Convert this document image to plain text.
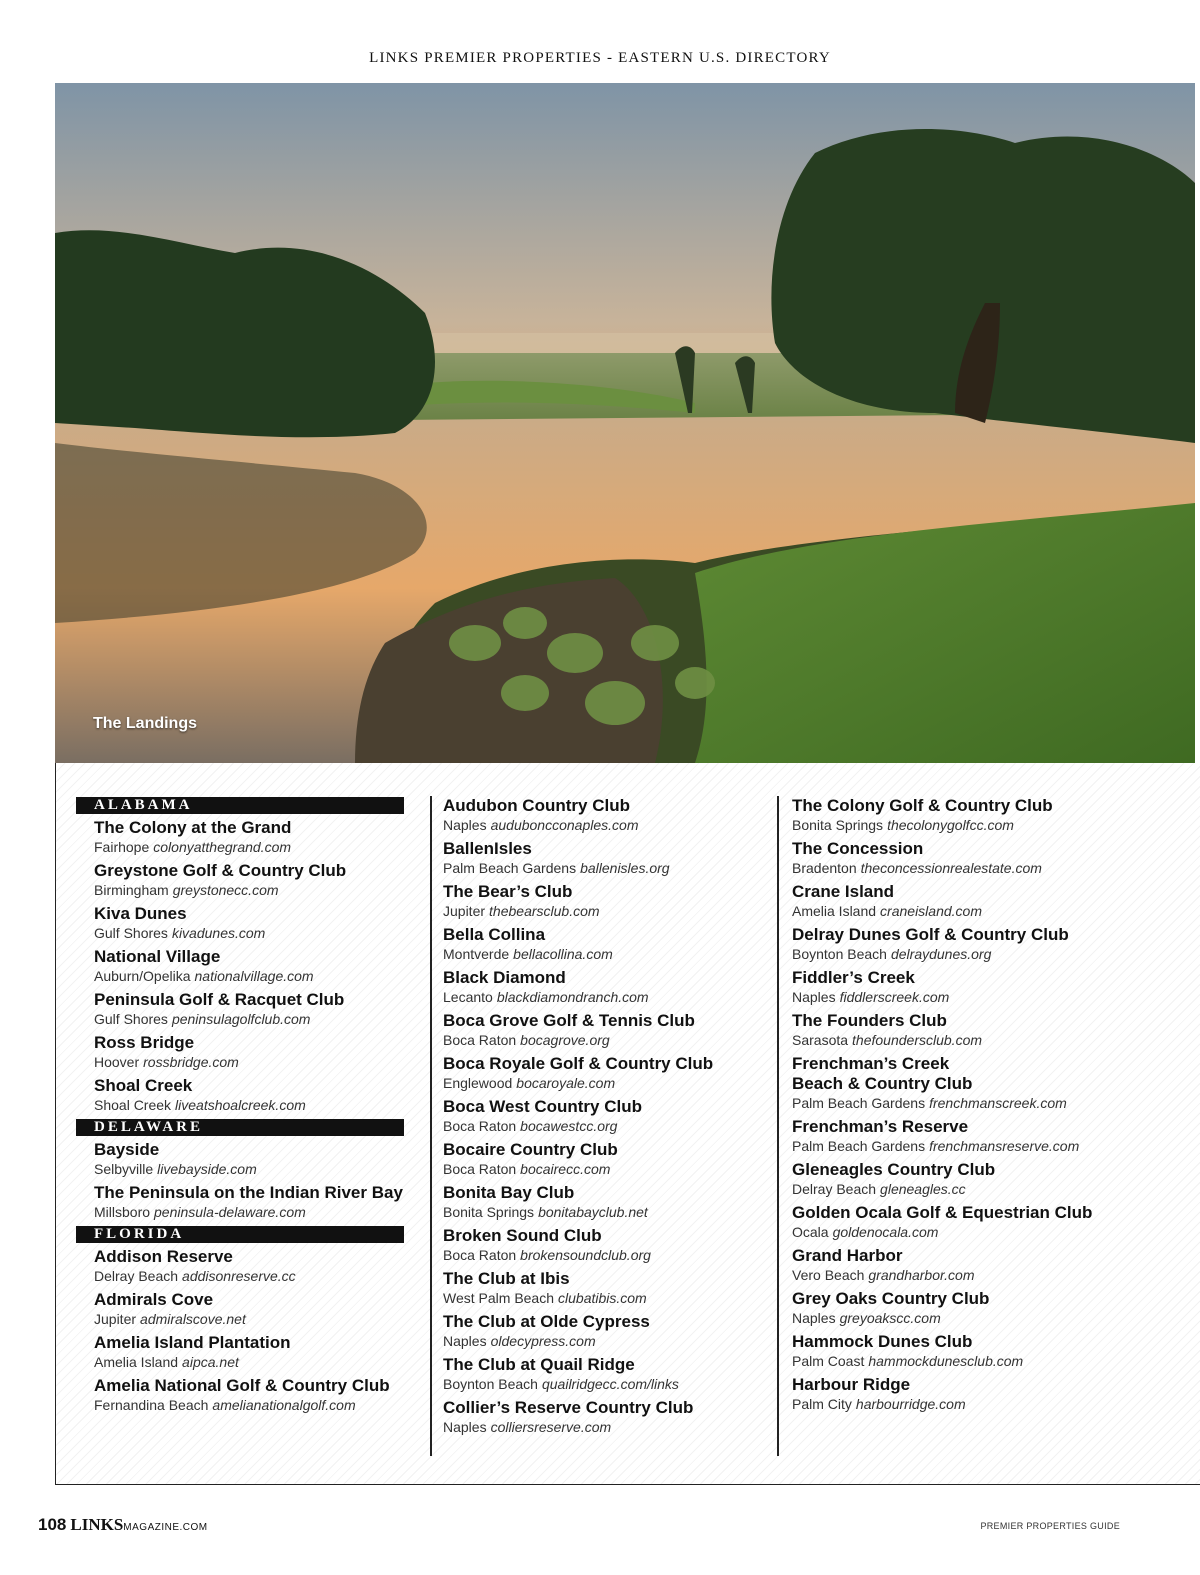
LINKS PREMIER PROPERTIES - EASTERN U.S. DIRECTORY
The Landings
ALABAMA
The Colony at the Grand
Fairhope colonyatthegrand.com
Greystone Golf & Country Club
Birmingham greystonecc.com
Kiva Dunes
Gulf Shores kivadunes.com
National Village
Auburn/Opelika nationalvillage.com
Peninsula Golf & Racquet Club
Gulf Shores peninsulagolfclub.com
Ross Bridge
Hoover rossbridge.com
Shoal Creek
Shoal Creek liveatshoalcreek.com
DELAWARE
Bayside
Selbyville livebayside.com
The Peninsula on the Indian River Bay
Millsboro peninsula-delaware.com
FLORIDA
Addison Reserve
Delray Beach addisonreserve.cc
Admirals Cove
Jupiter admiralscove.net
Amelia Island Plantation
Amelia Island aipca.net
Amelia National Golf & Country Club
Fernandina Beach amelianationalgolf.com
Audubon Country Club
Naples auduboncconaples.com
BallenIsles
Palm Beach Gardens ballenisles.org
The Bear’s Club
Jupiter thebearsclub.com
Bella Collina
Montverde bellacollina.com
Black Diamond
Lecanto blackdiamondranch.com
Boca Grove Golf & Tennis Club
Boca Raton bocagrove.org
Boca Royale Golf & Country Club
Englewood bocaroyale.com
Boca West Country Club
Boca Raton bocawestcc.org
Bocaire Country Club
Boca Raton bocairecc.com
Bonita Bay Club
Bonita Springs bonitabayclub.net
Broken Sound Club
Boca Raton brokensoundclub.org
The Club at Ibis
West Palm Beach clubatibis.com
The Club at Olde Cypress
Naples oldecypress.com
The Club at Quail Ridge
Boynton Beach quailridgecc.com/links
Collier’s Reserve Country Club
Naples colliersreserve.com
The Colony Golf & Country Club
Bonita Springs thecolonygolfcc.com
The Concession
Bradenton theconcessionrealestate.com
Crane Island
Amelia Island craneisland.com
Delray Dunes Golf & Country Club
Boynton Beach delraydunes.org
Fiddler’s Creek
Naples fiddlerscreek.com
The Founders Club
Sarasota thefoundersclub.com
Frenchman’s Creek
Beach & Country Club
Palm Beach Gardens frenchmanscreek.com
Frenchman’s Reserve
Palm Beach Gardens frenchmansreserve.com
Gleneagles Country Club
Delray Beach gleneagles.cc
Golden Ocala Golf & Equestrian Club
Ocala goldenocala.com
Grand Harbor
Vero Beach grandharbor.com
Grey Oaks Country Club
Naples greyoakscc.com
Hammock Dunes Club
Palm Coast hammockdunesclub.com
Harbour Ridge
Palm City harbourridge.com
108 LINKSMAGAZINE.COM	PREMIER PROPERTIES GUIDE
